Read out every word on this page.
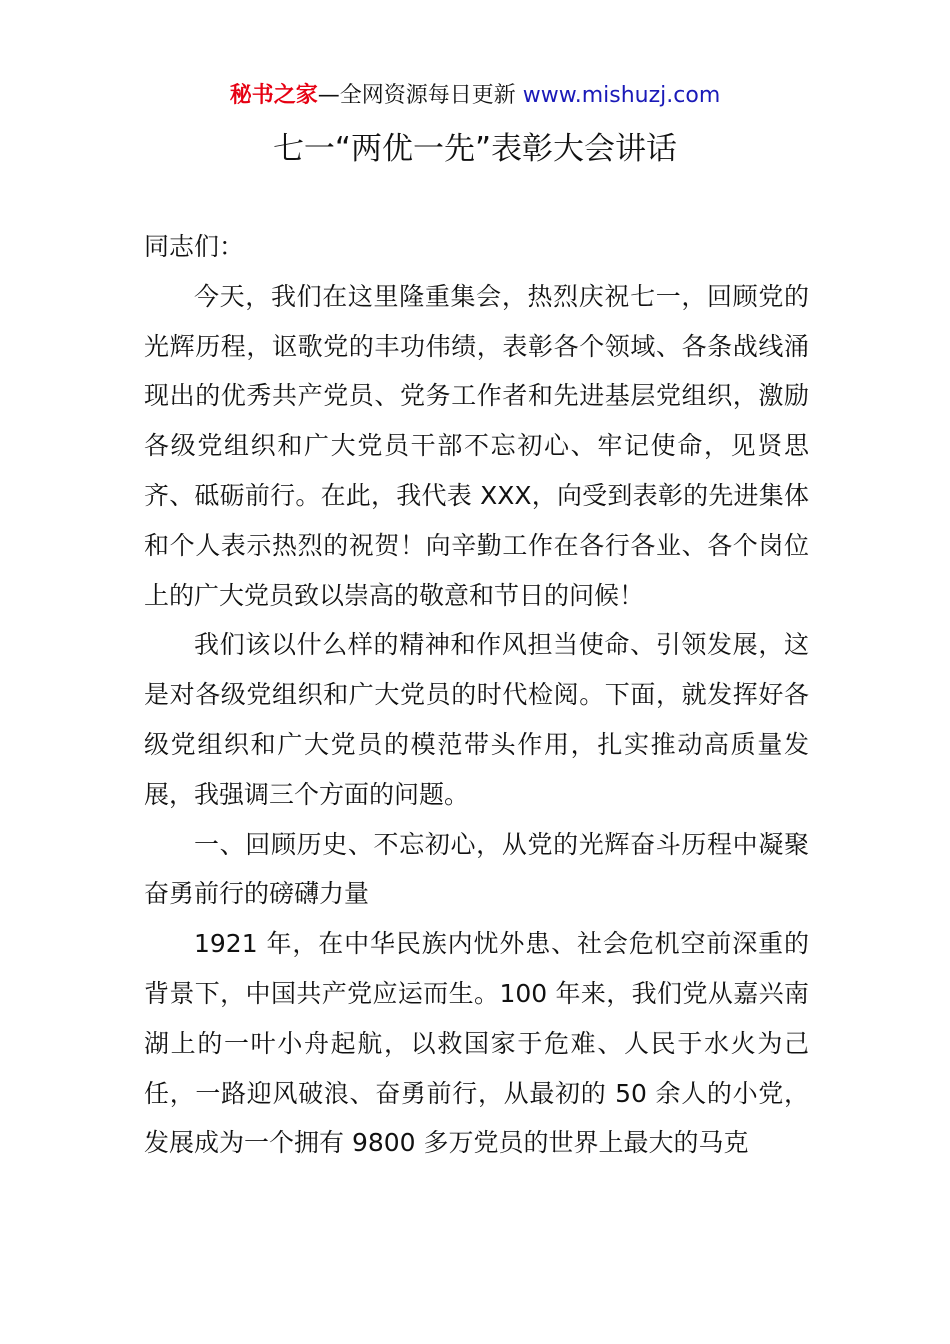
秘书之家—全网资源每日更新 www.mishuzj.com
七一“两优一先”表彰大会讲话

同志们：

今天，我们在这里隆重集会，热烈庆祝七一，回顾党的光辉历程，讴歌党的丰功伟绩，表彰各个领域、各条战线涌现出的优秀共产党员、党务工作者和先进基层党组织，激励各级党组织和广大党员干部不忘初心、牢记使命，见贤思齐、砥砺前行。在此，我代表 XXX，向受到表彰的先进集体和个人表示热烈的祝贺！向辛勤工作在各行各业、各个岗位上的广大党员致以崇高的敬意和节日的问候！

我们该以什么样的精神和作风担当使命、引领发展，这是对各级党组织和广大党员的时代检阅。下面，就发挥好各级党组织和广大党员的模范带头作用，扎实推动高质量发展，我强调三个方面的问题。

一、回顾历史、不忘初心，从党的光辉奋斗历程中凝聚奋勇前行的磅礴力量

1921 年，在中华民族内忧外患、社会危机空前深重的背景下，中国共产党应运而生。100 年来，我们党从嘉兴南湖上的一叶小舟起航，以救国家于危难、人民于水火为己任，一路迎风破浪、奋勇前行，从最初的 50 余人的小党，发展成为一个拥有 9800 多万党员的世界上最大的马克
